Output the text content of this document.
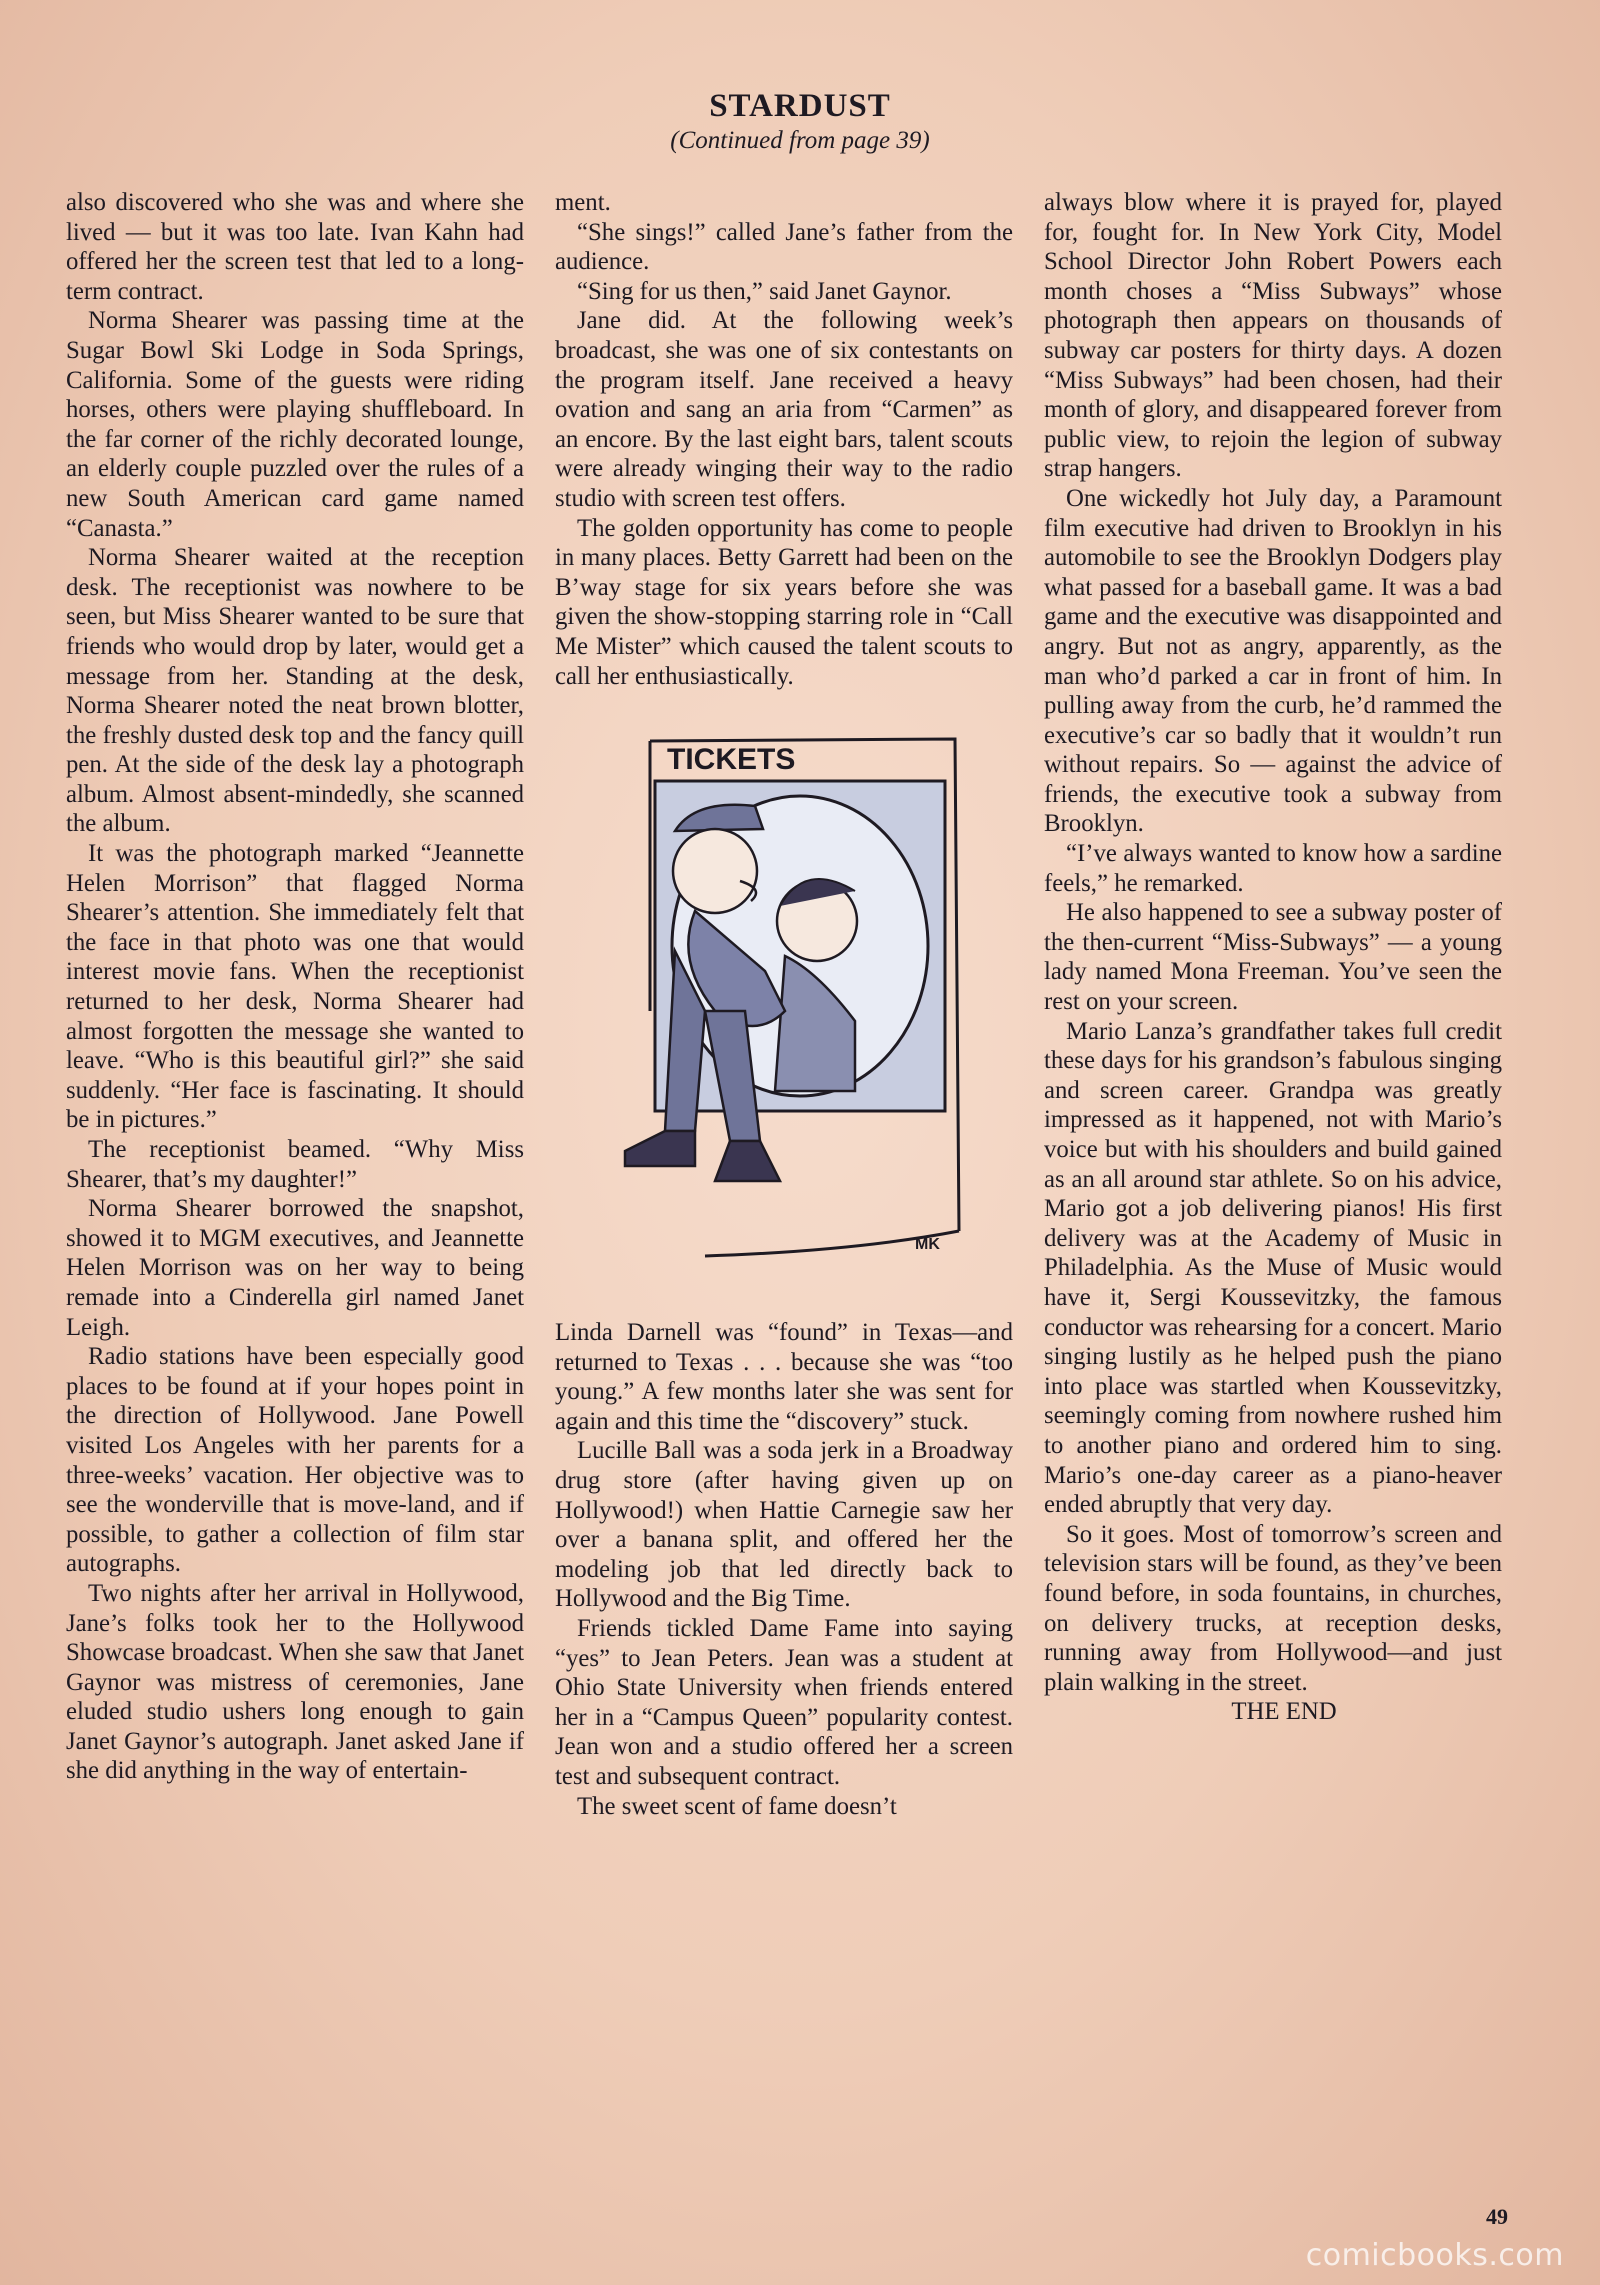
STARDUST
(Continued from page 39)

also discovered who she was and where she lived — but it was too late. Ivan Kahn had offered her the screen test that led to a long-term contract.

Norma Shearer was passing time at the Sugar Bowl Ski Lodge in Soda Springs, California. Some of the guests were riding horses, others were playing shuffleboard. In the far corner of the richly decorated lounge, an elderly couple puzzled over the rules of a new South American card game named “Canasta.”

Norma Shearer waited at the reception desk. The receptionist was nowhere to be seen, but Miss Shearer wanted to be sure that friends who would drop by later, would get a message from her. Standing at the desk, Norma Shearer noted the neat brown blotter, the freshly dusted desk top and the fancy quill pen. At the side of the desk lay a photograph album. Almost absent-mindedly, she scanned the album.

It was the photograph marked “Jeannette Helen Morrison” that flagged Norma Shearer’s attention. She immediately felt that the face in that photo was one that would interest movie fans. When the receptionist returned to her desk, Norma Shearer had almost forgotten the message she wanted to leave. “Who is this beautiful girl?” she said suddenly. “Her face is fascinating. It should be in pictures.”

The receptionist beamed. “Why Miss Shearer, that’s my daughter!”

Norma Shearer borrowed the snapshot, showed it to MGM executives, and Jeannette Helen Morrison was on her way to being remade into a Cinderella girl named Janet Leigh.

Radio stations have been especially good places to be found at if your hopes point in the direction of Hollywood. Jane Powell visited Los Angeles with her parents for a three-weeks’ vacation. Her objective was to see the wonderville that is move-land, and if possible, to gather a collection of film star autographs.

Two nights after her arrival in Hollywood, Jane’s folks took her to the Hollywood Showcase broadcast. When she saw that Janet Gaynor was mistress of ceremonies, Jane eluded studio ushers long enough to gain Janet Gaynor’s autograph. Janet asked Jane if she did anything in the way of entertain-

ment.

“She sings!” called Jane’s father from the audience.

“Sing for us then,” said Janet Gaynor.

Jane did. At the following week’s broadcast, she was one of six contestants on the program itself. Jane received a heavy ovation and sang an aria from “Carmen” as an encore. By the last eight bars, talent scouts were already winging their way to the radio studio with screen test offers.

The golden opportunity has come to people in many places. Betty Garrett had been on the B’way stage for six years before she was given the show-stopping starring role in “Call Me Mister” which caused the talent scouts to call her enthusiastically.

TICKETS
MK

Linda Darnell was “found” in Texas—and returned to Texas . . . because she was “too young.” A few months later she was sent for again and this time the “discovery” stuck.

Lucille Ball was a soda jerk in a Broadway drug store (after having given up on Hollywood!) when Hattie Carnegie saw her over a banana split, and offered her the modeling job that led directly back to Hollywood and the Big Time.

Friends tickled Dame Fame into saying “yes” to Jean Peters. Jean was a student at Ohio State University when friends entered her in a “Campus Queen” popularity contest. Jean won and a studio offered her a screen test and subsequent contract.

The sweet scent of fame doesn’t

always blow where it is prayed for, played for, fought for. In New York City, Model School Director John Robert Powers each month choses a “Miss Subways” whose photograph then appears on thousands of subway car posters for thirty days. A dozen “Miss Subways” had been chosen, had their month of glory, and disappeared forever from public view, to rejoin the legion of subway strap hangers.

One wickedly hot July day, a Paramount film executive had driven to Brooklyn in his automobile to see the Brooklyn Dodgers play what passed for a baseball game. It was a bad game and the executive was disappointed and angry. But not as angry, apparently, as the man who’d parked a car in front of him. In pulling away from the curb, he’d rammed the executive’s car so badly that it wouldn’t run without repairs. So — against the advice of friends, the executive took a subway from Brooklyn.

“I’ve always wanted to know how a sardine feels,” he remarked.

He also happened to see a subway poster of the then-current “Miss-Subways” — a young lady named Mona Freeman. You’ve seen the rest on your screen.

Mario Lanza’s grandfather takes full credit these days for his grandson’s fabulous singing and screen career. Grandpa was greatly impressed as it happened, not with Mario’s voice but with his shoulders and build gained as an all around star athlete. So on his advice, Mario got a job delivering pianos! His first delivery was at the Academy of Music in Philadelphia. As the Muse of Music would have it, Sergi Koussevitzky, the famous conductor was rehearsing for a concert. Mario singing lustily as he helped push the piano into place was startled when Koussevitzky, seemingly coming from nowhere rushed him to another piano and ordered him to sing. Mario’s one-day career as a piano-heaver ended abruptly that very day.

So it goes. Most of tomorrow’s screen and television stars will be found, as they’ve been found before, in soda fountains, in churches, on delivery trucks, at reception desks, running away from Hollywood—and just plain walking in the street.

THE END

49
comicbooks.com
